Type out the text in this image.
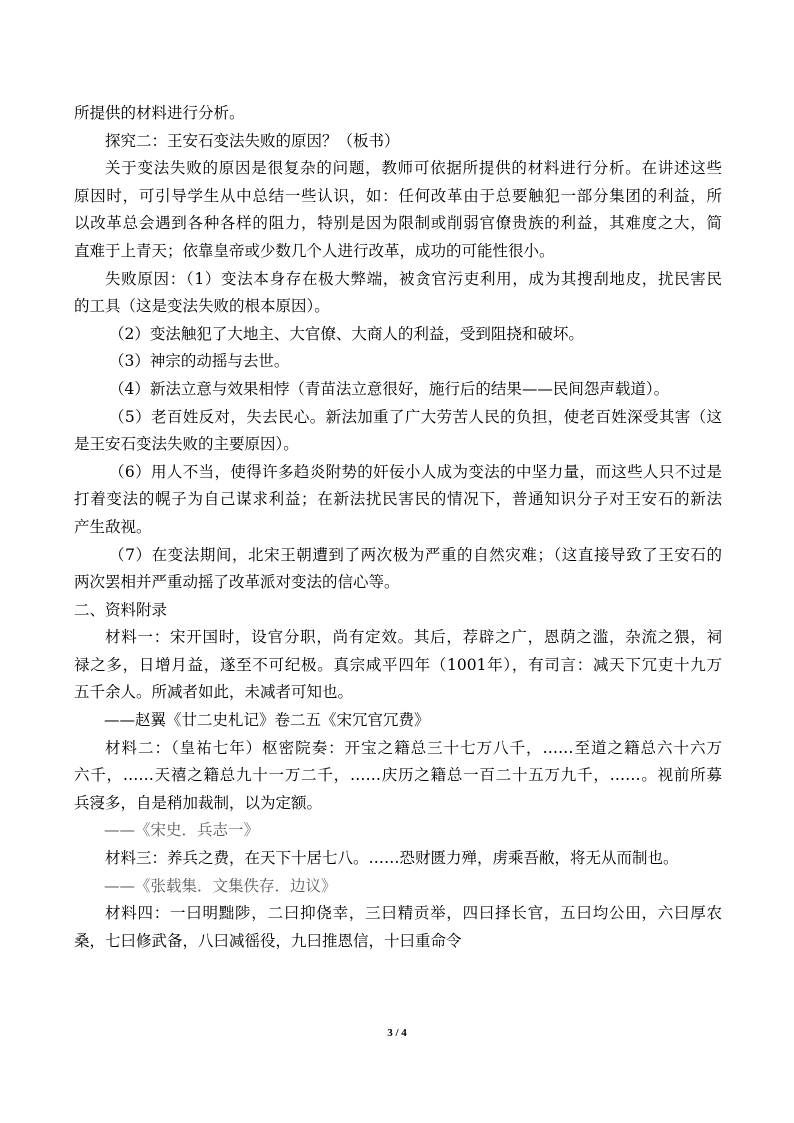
所提供的材料进行分析。
探究二：王安石变法失败的原因？（板书）
关于变法失败的原因是很复杂的问题，教师可依据所提供的材料进行分析。在讲述这些
原因时，可引导学生从中总结一些认识，如：任何改革由于总要触犯一部分集团的利益，所
以改革总会遇到各种各样的阻力，特别是因为限制或削弱官僚贵族的利益，其难度之大，简
直难于上青天；依靠皇帝或少数几个人进行改革，成功的可能性很小。
失败原因：（1）变法本身存在极大弊端，被贪官污吏利用，成为其搜刮地皮，扰民害民
的工具（这是变法失败的根本原因）。
（2）变法触犯了大地主、大官僚、大商人的利益，受到阻挠和破坏。
（3）神宗的动摇与去世。
（4）新法立意与效果相悖（青苗法立意很好，施行后的结果——民间怨声载道）。
（5）老百姓反对，失去民心。新法加重了广大劳苦人民的负担，使老百姓深受其害（这
是王安石变法失败的主要原因）。
（6）用人不当，使得许多趋炎附势的奸佞小人成为变法的中坚力量，而这些人只不过是
打着变法的幌子为自己谋求利益；在新法扰民害民的情况下，普通知识分子对王安石的新法
产生敌视。
（7）在变法期间，北宋王朝遭到了两次极为严重的自然灾难；（这直接导致了王安石的
两次罢相并严重动摇了改革派对变法的信心等。
二、资料附录
材料一：宋开国时，设官分职，尚有定效。其后，荐辟之广，恩荫之滥，杂流之猥，祠
禄之多，日增月益，遂至不可纪极。真宗咸平四年（1001年），有司言：减天下冗吏十九万
五千余人。所减者如此，未减者可知也。
——赵翼《廿二史札记》卷二五《宋冗官冗费》
材料二：（皇祐七年）枢密院奏：开宝之籍总三十七万八千，……至道之籍总六十六万
六千，……天禧之籍总九十一万二千，……庆历之籍总一百二十五万九千，……。视前所募
兵寖多，自是稍加裁制，以为定额。
——《宋史．兵志一》
材料三：养兵之费，在天下十居七八。……恐财匮力殚，虏乘吾敝，将无从而制也。
——《张载集．文集佚存．边议》
材料四：一曰明黜陟，二曰抑侥幸，三曰精贡举，四曰择长官，五曰均公田，六曰厚农
桑，七曰修武备，八曰减徭役，九曰推恩信，十曰重命令
3 / 4
